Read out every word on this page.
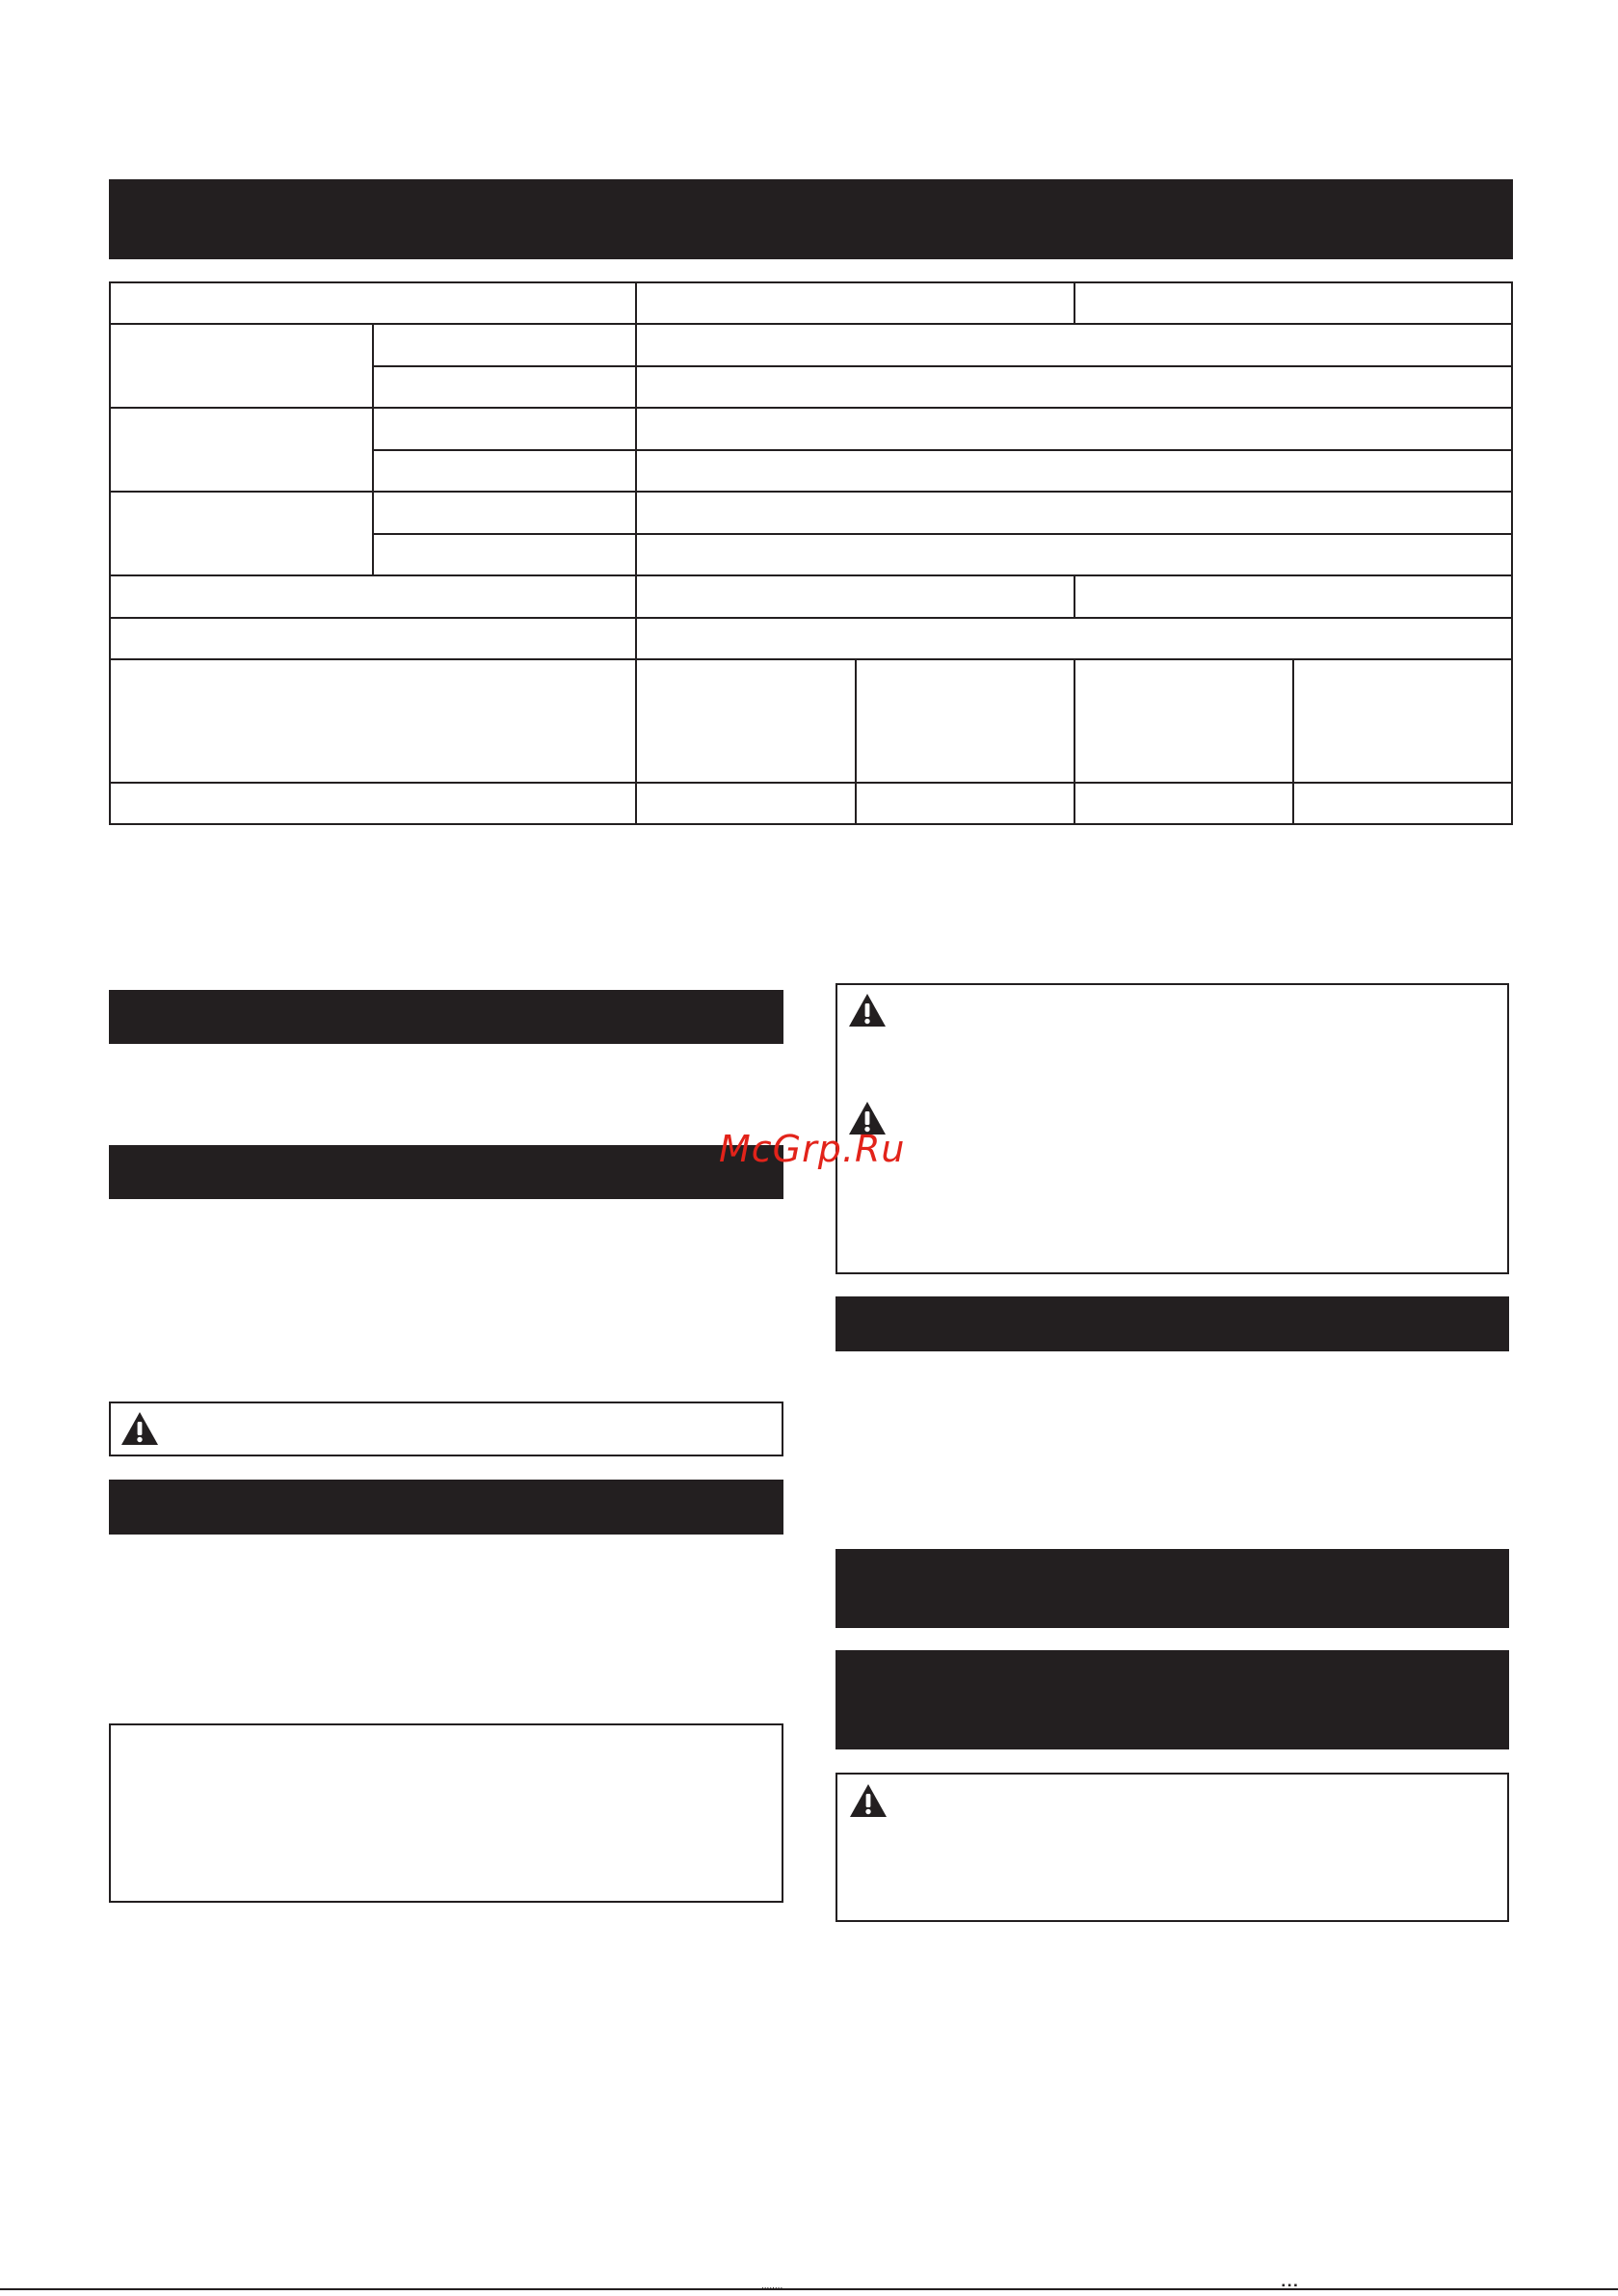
McGrp.Ru
........	▪ ▪ ▪
